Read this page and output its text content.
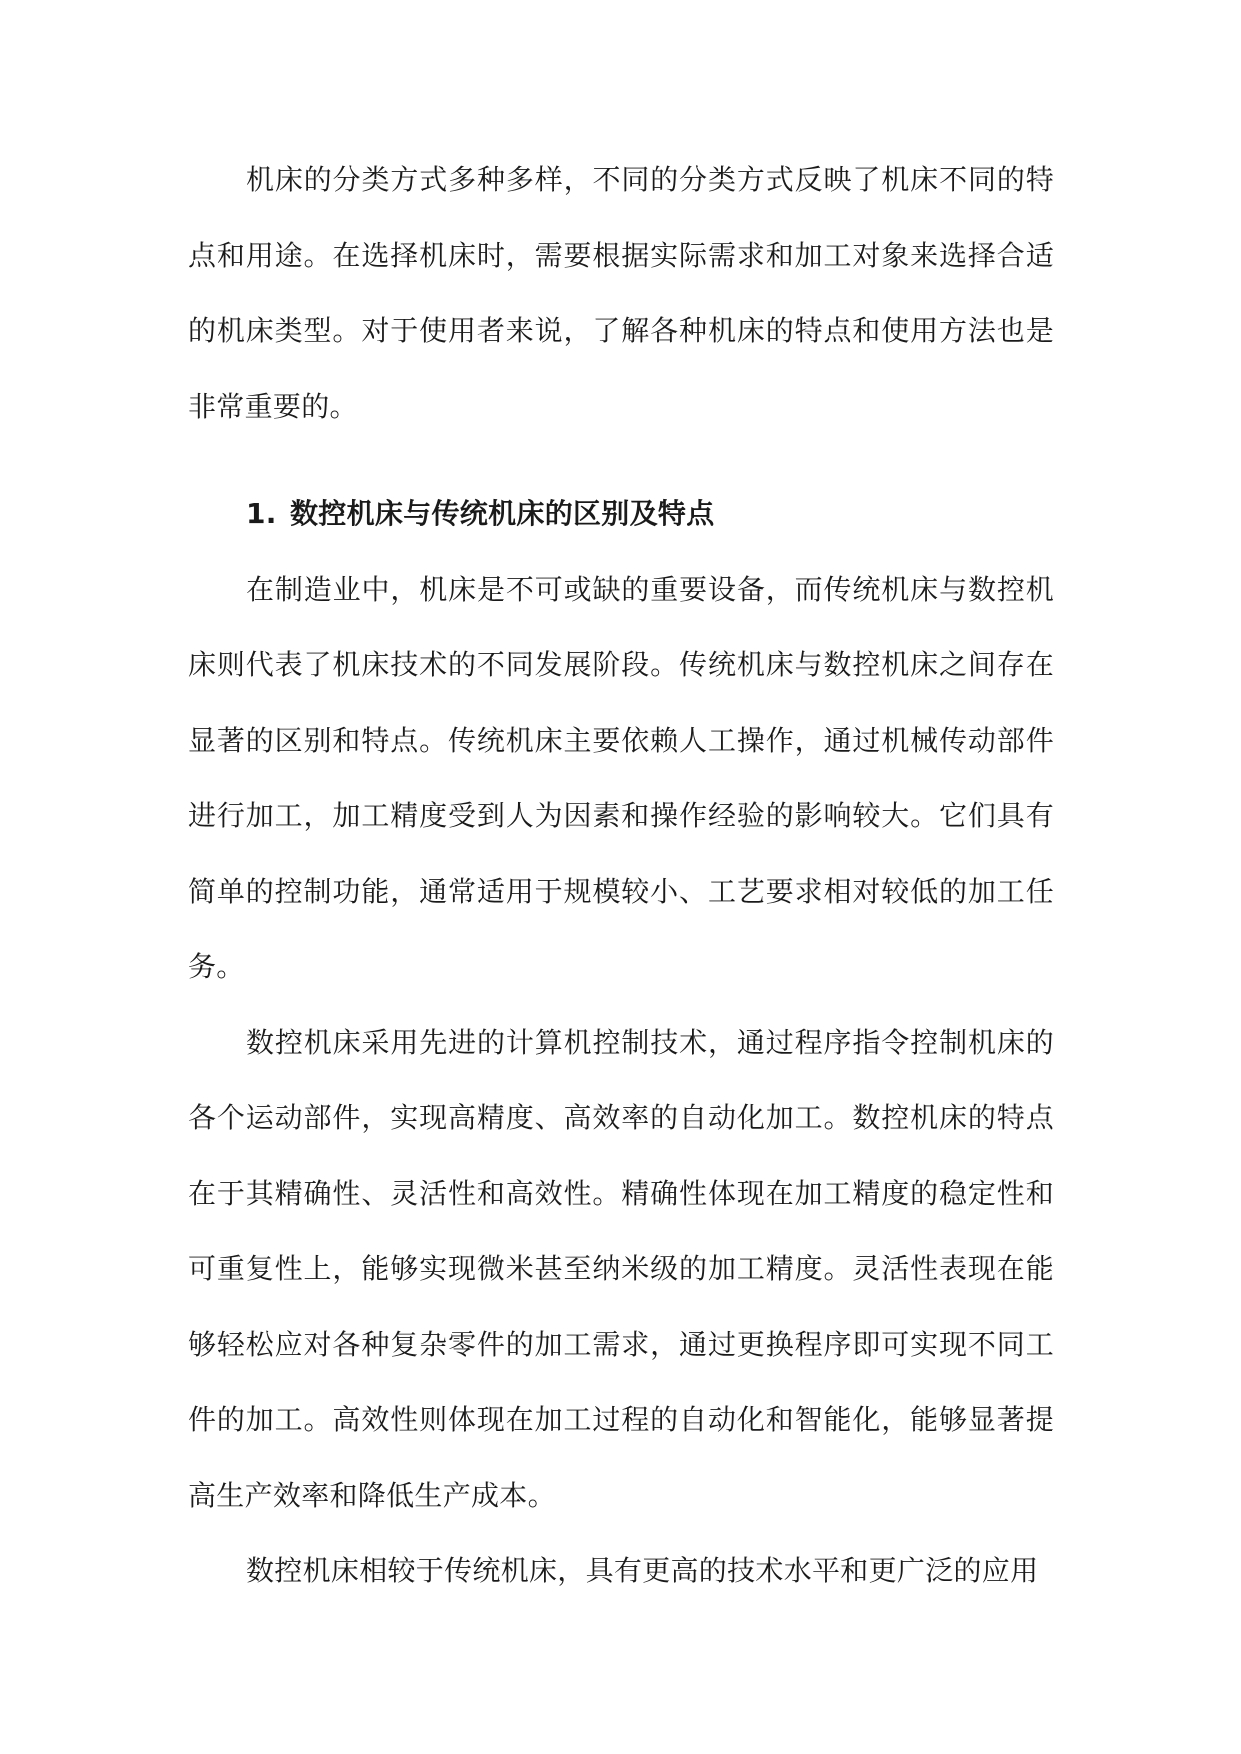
机床的分类方式多种多样，不同的分类方式反映了机床不同的特点和用途。在选择机床时，需要根据实际需求和加工对象来选择合适的机床类型。对于使用者来说，了解各种机床的特点和使用方法也是非常重要的。

1. 数控机床与传统机床的区别及特点

在制造业中，机床是不可或缺的重要设备，而传统机床与数控机床则代表了机床技术的不同发展阶段。传统机床与数控机床之间存在显著的区别和特点。传统机床主要依赖人工操作，通过机械传动部件进行加工，加工精度受到人为因素和操作经验的影响较大。它们具有简单的控制功能，通常适用于规模较小、工艺要求相对较低的加工任务。

数控机床采用先进的计算机控制技术，通过程序指令控制机床的各个运动部件，实现高精度、高效率的自动化加工。数控机床的特点在于其精确性、灵活性和高效性。精确性体现在加工精度的稳定性和可重复性上，能够实现微米甚至纳米级的加工精度。灵活性表现在能够轻松应对各种复杂零件的加工需求，通过更换程序即可实现不同工件的加工。高效性则体现在加工过程的自动化和智能化，能够显著提高生产效率和降低生产成本。

数控机床相较于传统机床，具有更高的技术水平和更广泛的应用
